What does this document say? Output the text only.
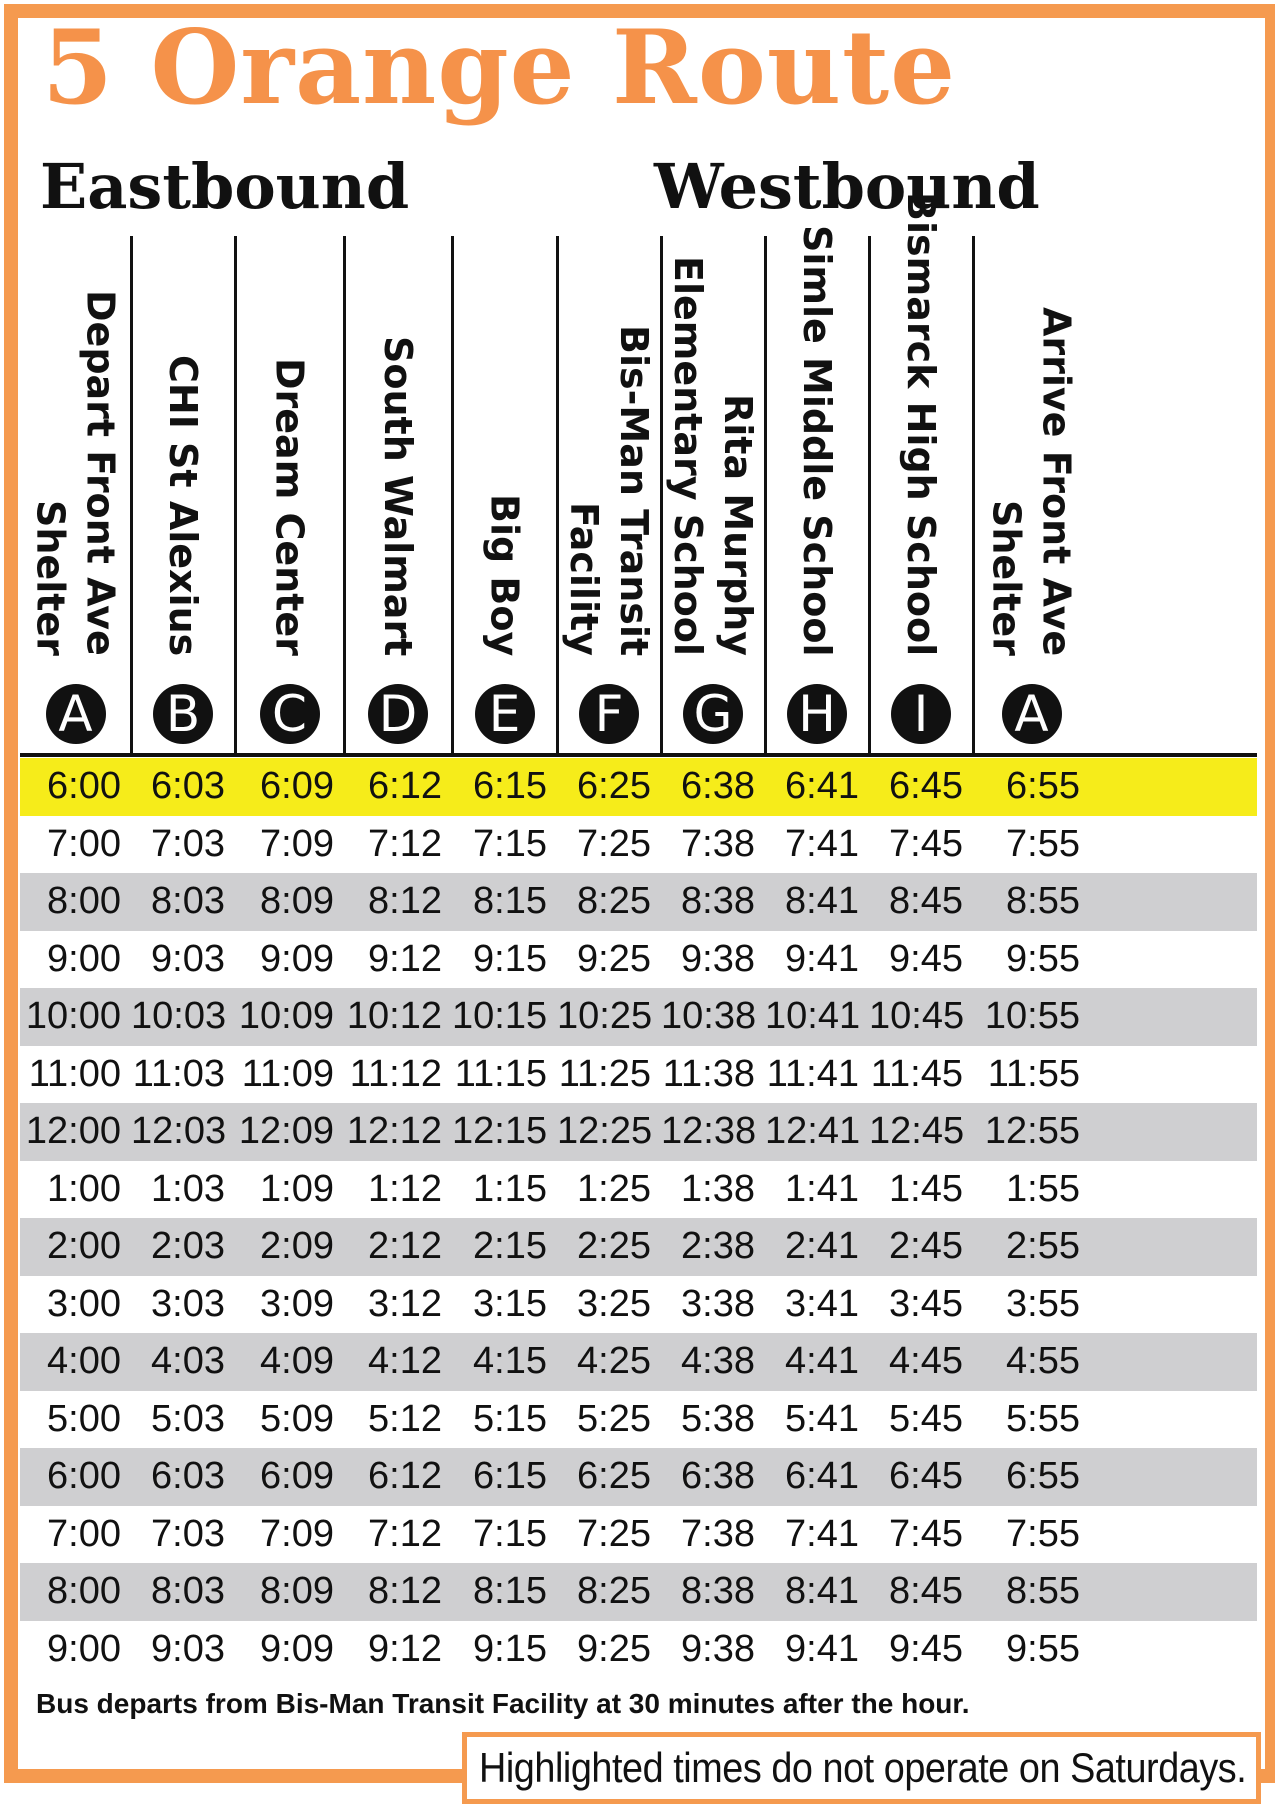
5 Orange Route
Eastbound	Westbound
Depart Front Ave
Shelter
A
CHI St Alexius
B
Dream Center
C
South Walmart
D
Big Boy
E
Bis-Man Transit
Facility
F
Rita Murphy
Elementary School
G
Simle Middle School
H
Bismarck High School
I
Arrive Front Ave
Shelter
A
6:00 6:03 6:09 6:12 6:15 6:25 6:38 6:41 6:45	6:55
7:00 7:03 7:09 7:12 7:15 7:25 7:38 7:41 7:45	7:55
8:00 8:03 8:09 8:12 8:15 8:25 8:38 8:41 8:45	8:55
9:00 9:03 9:09 9:12 9:15 9:25 9:38 9:41 9:45	9:55
10:00 10:03 10:09 10:12 10:15 10:25 10:38 10:41 10:45 10:55
11:00 11:03 11:09 11:12 11:15 11:25 11:38 11:41 11:45 11:55
12:00 12:03 12:09 12:12 12:15 12:25 12:38 12:41 12:45 12:55
1:00 1:03 1:09 1:12 1:15 1:25 1:38 1:41 1:45	1:55
2:00 2:03 2:09 2:12 2:15 2:25 2:38 2:41 2:45	2:55
3:00 3:03 3:09 3:12 3:15 3:25 3:38 3:41 3:45	3:55
4:00 4:03 4:09 4:12 4:15 4:25 4:38 4:41 4:45	4:55
5:00 5:03 5:09 5:12 5:15 5:25 5:38 5:41 5:45	5:55
6:00 6:03 6:09 6:12 6:15 6:25 6:38 6:41 6:45	6:55
7:00 7:03 7:09 7:12 7:15 7:25 7:38 7:41 7:45	7:55
8:00 8:03 8:09 8:12 8:15 8:25 8:38 8:41 8:45	8:55
9:00 9:03 9:09 9:12 9:15 9:25 9:38 9:41 9:45	9:55
Bus departs from Bis-Man Transit Facility at 30 minutes after the hour.
Highlighted times do not operate on Saturdays.
